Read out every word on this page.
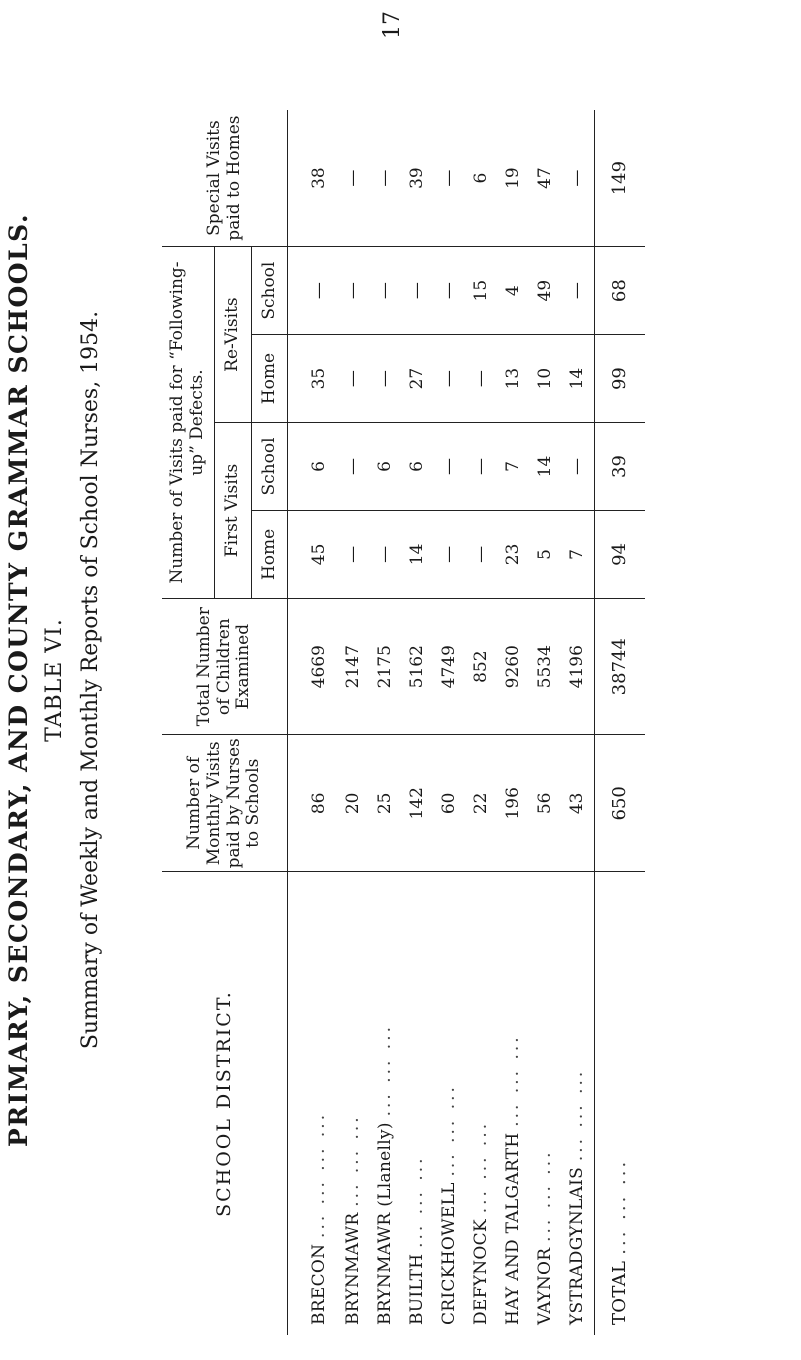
PRIMARY, SECONDARY, AND COUNTY GRAMMAR SCHOOLS. TABLE VI. Summary of Weekly and Monthly Reports of School Nurses, 1954.
SCHOOL DISTRICT.	Number of Monthly Visits paid by Nurses to Schools	Total Number of Children Examined	Number of Visits paid for “Following-up” Defects.				Special Visits paid to Homes
			First Visits		Re-Visits		
			Home	School	Home	School	
BRECON ... ... ... ...	86	4669	45	6	35	—	38
BRYNMAWR ... ... ...	20	2147	—	—	—	—	—
BRYNMAWR (Llanelly) ... ... ...	25	2175	—	6	—	—	—
BUILTH ... ... ...	142	5162	14	6	27	—	39
CRICKHOWELL ... ... ...	60	4749	—	—	—	—	—
DEFYNOCK ... ... ...	22	852	—	—	—	15	6
HAY AND TALGARTH ... ... ...	196	9260	23	7	13	4	19
VAYNOR ... ... ...	56	5534	5	14	10	49	47
YSTRADGYNLAIS ... ... ...	43	4196	7	—	14	—	—
TOTAL ... ... ...	650	38744	94	39	99	68	149
17
